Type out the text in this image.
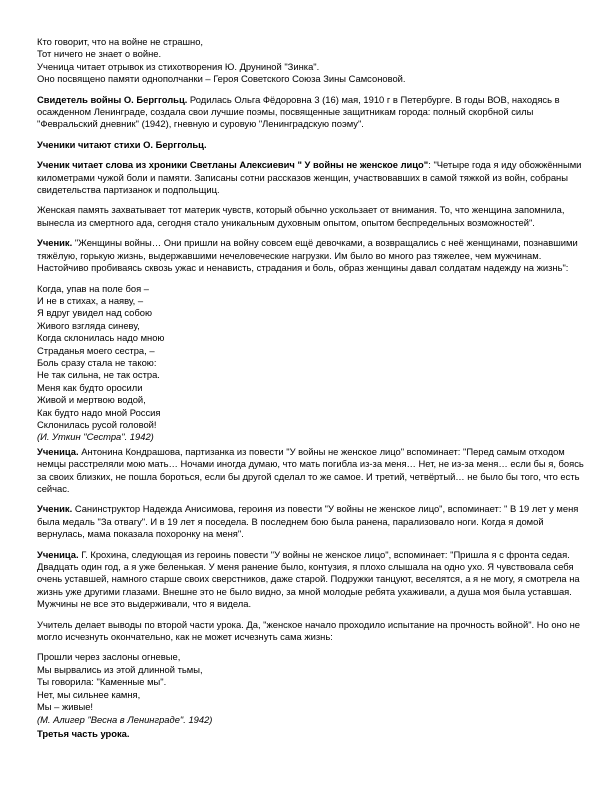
Кто говорит, что на войне не страшно,
Тот ничего не знает о войне.
Ученица читает отрывок из стихотворения Ю. Друниной "Зинка".
Оно посвящено памяти однополчанки – Героя Советского Союза Зины Самсоновой.
Свидетель войны О. Берггольц. Родилась Ольга Фёдоровна 3 (16) мая, 1910 г в Петербурге. В годы ВОВ, находясь в осажденном Ленинграде, создала свои лучшие поэмы, посвященные защитникам города: полный скорбной силы "Февральский дневник" (1942), гневную и суровую "Ленинградскую поэму".
Ученики читают стихи О. Берггольц.
Ученик читает слова из хроники Светланы Алексиевич " У войны не женское лицо": "Четыре года я иду обожжёнными километрами чужой боли и памяти. Записаны сотни рассказов женщин, участвовавших в самой тяжкой из войн, собраны свидетельства партизанок и подпольщиц.
Женская память захватывает тот материк чувств, который обычно ускользает от внимания. То, что женщина запомнила, вынесла из смертного ада, сегодня стало уникальным духовным опытом, опытом беспредельных возможностей".
Ученик. "Женщины войны… Они пришли на войну совсем ещё девочками, а возвращались с неё женщинами, познавшими тяжёлую, горькую жизнь, выдержавшими нечеловеческие нагрузки. Им было во много раз тяжелее, чем мужчинам. Настойчиво пробиваясь сквозь ужас и ненависть, страдания и боль, образ женщины давал солдатам надежду на жизнь":
Когда, упав на поле боя –
И не в стихах, а наяву, –
Я вдруг увидел над собою
Живого взгляда синеву,
Когда склонилась надо мною
Страданья моего сестра, –
Боль сразу стала не такою:
Не так сильна, не так остра.
Меня как будто оросили
Живой и мертвою водой,
Как будто надо мной Россия
Склонилась русой головой!
(И. Уткин "Сестра". 1942)
Ученица. Антонина Кондрашова, партизанка из повести "У войны не женское лицо" вспоминает: "Перед самым отходом немцы расстреляли мою мать… Ночами иногда думаю, что мать погибла из-за меня… Нет, не из-за меня… если бы я, боясь за своих близких, не пошла бороться, если бы другой сделал то же самое. И третий, четвёртый… не было бы того, что есть сейчас.
Ученик. Санинструктор Надежда Анисимова, героиня из повести "У войны не женское лицо", вспоминает: " В 19 лет у меня была медаль "За отвагу". И в 19 лет я поседела. В последнем бою была ранена, парализовало ноги. Когда я домой вернулась, мама показала похоронку на меня".
Ученица. Г. Крохина, следующая из героинь повести "У войны не женское лицо", вспоминает: "Пришла я с фронта седая. Двадцать один год, а я уже беленькая. У меня ранение было, контузия, я плохо слышала на одно ухо. Я чувствовала себя очень уставшей, намного старше своих сверстников, даже старой. Подружки танцуют, веселятся, а я не могу, я смотрела на жизнь уже другими глазами. Внешне это не было видно, за мной молодые ребята ухаживали, а душа моя была уставшая. Мужчины не все это выдерживали, что я видела.
Учитель делает выводы по второй части урока. Да, "женское начало проходило испытание на прочность войной". Но оно не могло исчезнуть окончательно, как не может исчезнуть сама жизнь:
Прошли через заслоны огневые,
Мы вырвались из этой длинной тьмы,
Ты говорила: "Каменные мы".
Нет, мы сильнее камня,
Мы – живые!
(М. Алигер "Весна в Ленинграде". 1942)
Третья часть урока.
